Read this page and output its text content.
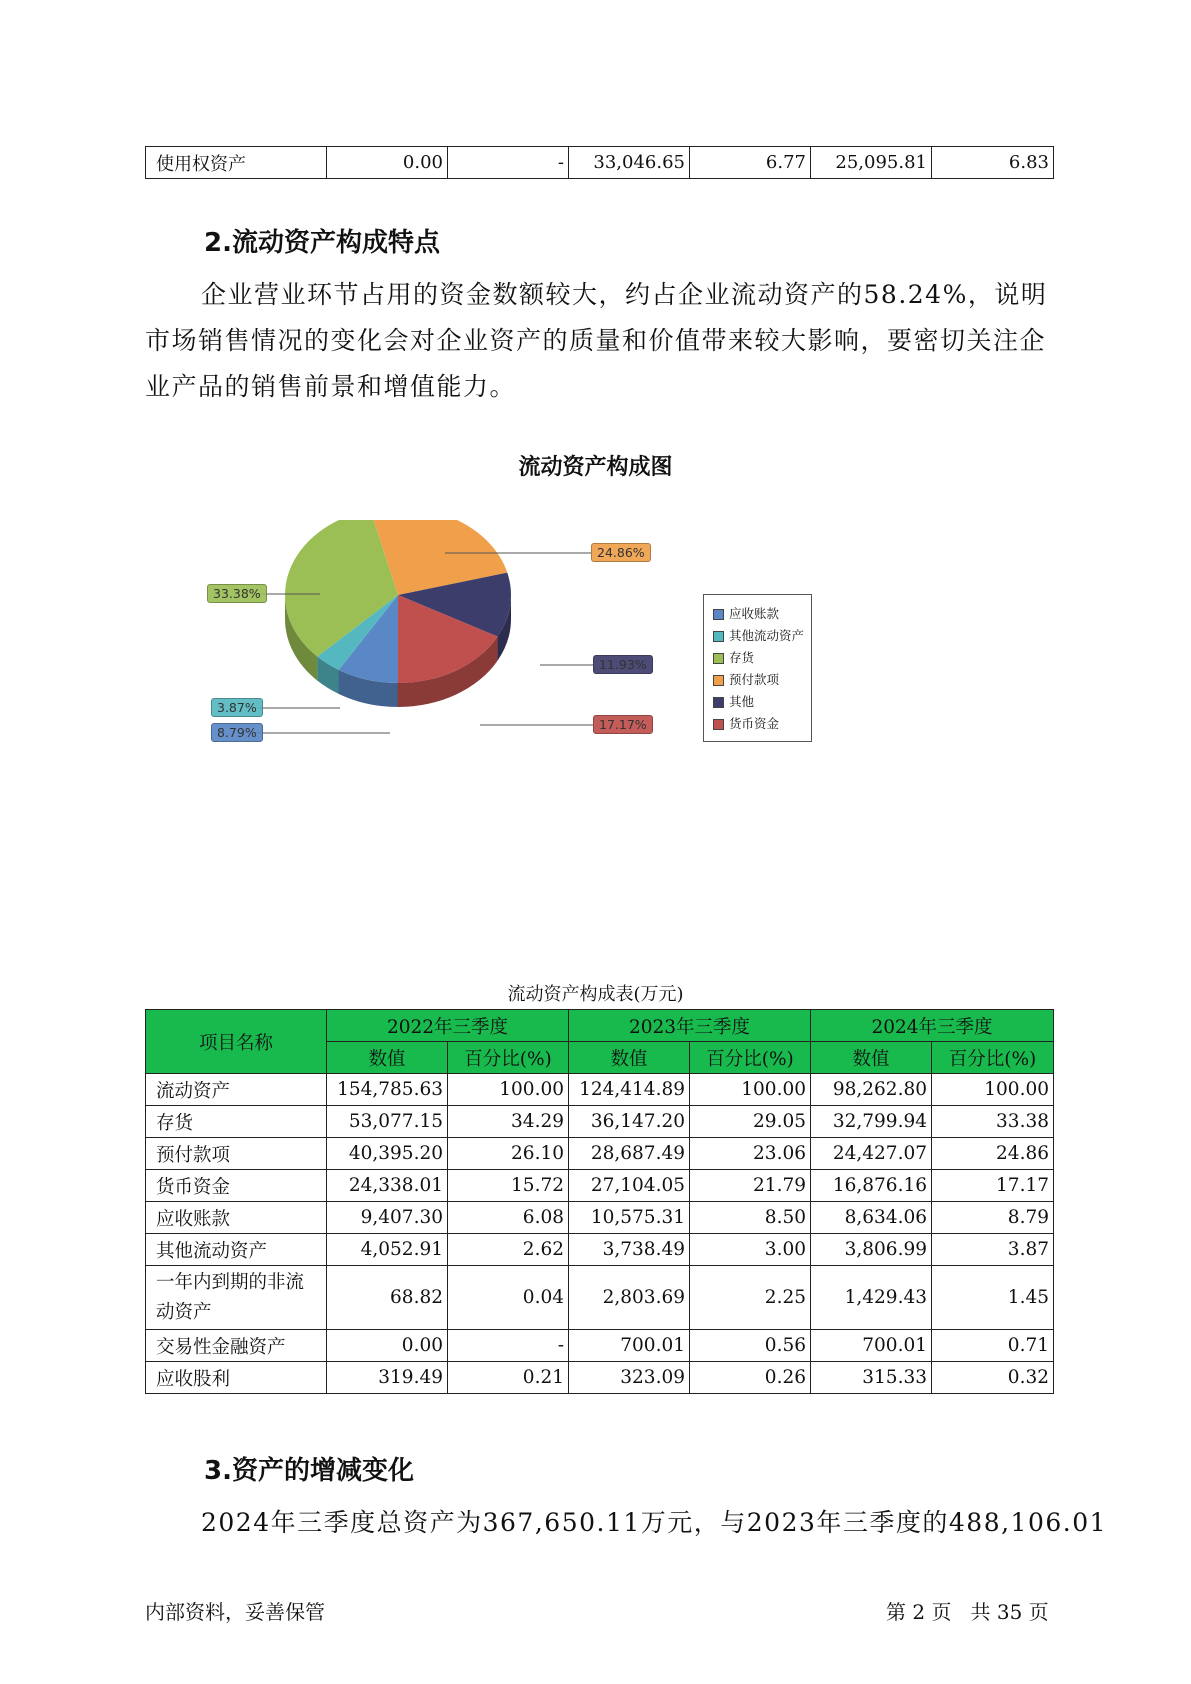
使用权资产	0.00	-	33,046.65	6.77	25,095.81	6.83
2.流动资产构成特点

企业营业环节占用的资金数额较大，约占企业流动资产的58.24%，说明市场销售情况的变化会对企业资产的质量和价值带来较大影响，要密切关注企业产品的销售前景和增值能力。

流动资产构成图
8.79%
3.87%
33.38%
24.86%
11.93%
17.17%
应收账款
其他流动资产
存货
预付款项
其他
货币资金
流动资产构成表(万元)
项目名称	2022年三季度		2023年三季度		2024年三季度	
	数值	百分比(%)	数值	百分比(%)	数值	百分比(%)
流动资产	154,785.63	100.00	124,414.89	100.00	98,262.80	100.00
存货	53,077.15	34.29	36,147.20	29.05	32,799.94	33.38
预付款项	40,395.20	26.10	28,687.49	23.06	24,427.07	24.86
货币资金	24,338.01	15.72	27,104.05	21.79	16,876.16	17.17
应收账款	9,407.30	6.08	10,575.31	8.50	8,634.06	8.79
其他流动资产	4,052.91	2.62	3,738.49	3.00	3,806.99	3.87
一年内到期的非流动资产	68.82	0.04	2,803.69	2.25	1,429.43	1.45
交易性金融资产	0.00	-	700.01	0.56	700.01	0.71
应收股利	319.49	0.21	323.09	0.26	315.33	0.32
3.资产的增减变化

2024年三季度总资产为367,650.11万元，与2023年三季度的488,106.01

内部资料，妥善保管	第 2 页   共 35 页
